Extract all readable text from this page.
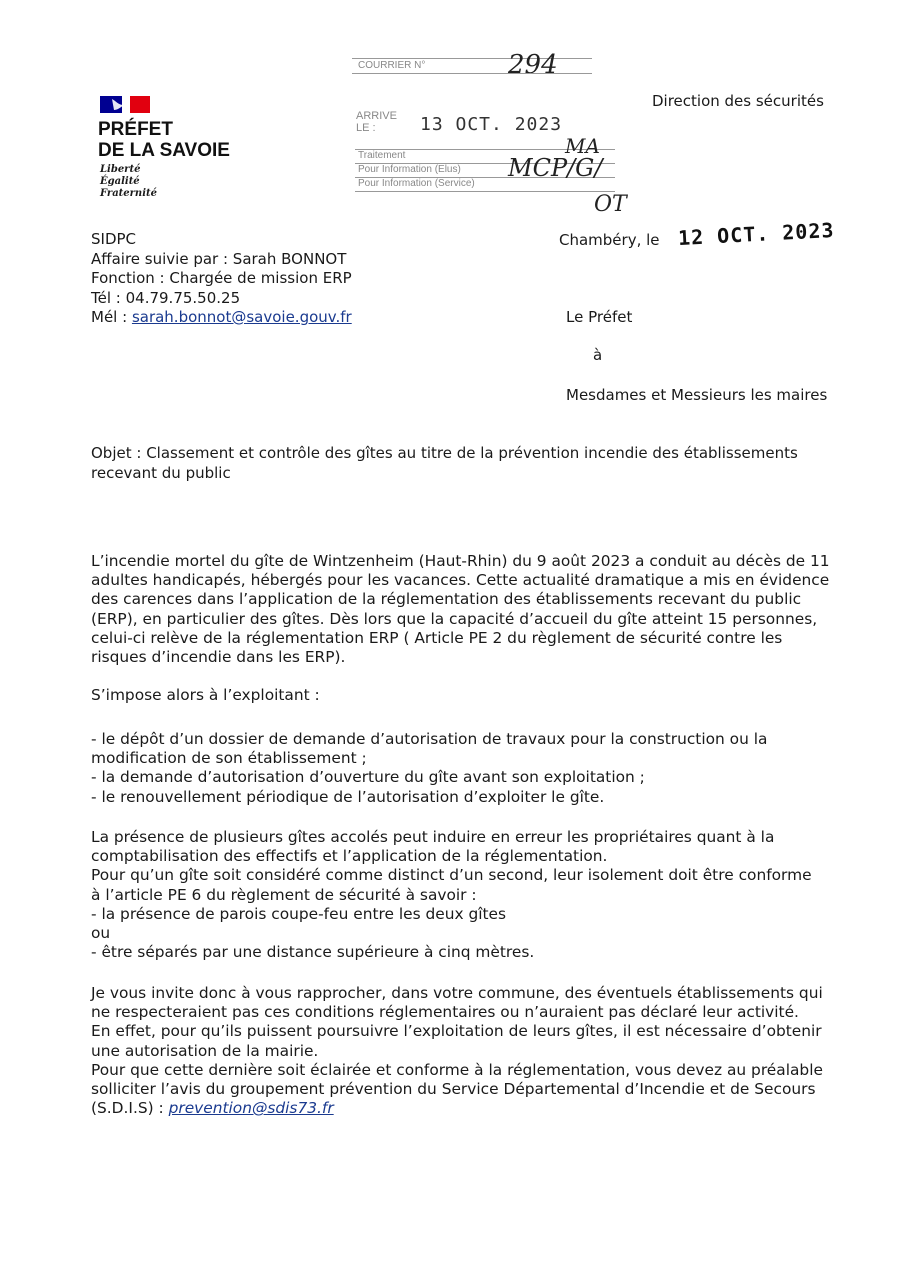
PRÉFET
DE LA SAVOIE
Liberté
Égalité
Fraternité
COURRIER N°	294
ARRIVE
LE :	13 OCT. 2023
Traitement
Pour Information (Elus)
Pour Information (Service)
MA
MCP/G/
OT
Direction des sécurités
Chambéry, le 12 OCT. 2023
SIDPC
Affaire suivie par : Sarah BONNOT
Fonction : Chargée de mission ERP
Tél : 04.79.75.50.25
Mél : sarah.bonnot@savoie.gouv.fr	Le Préfet
à
Mesdames et Messieurs les maires
Objet : Classement et contrôle des gîtes au titre de la prévention incendie des établissements
recevant du public
L’incendie mortel du gîte de Wintzenheim (Haut-Rhin) du 9 août 2023 a conduit au décès de 11
adultes handicapés, hébergés pour les vacances. Cette actualité dramatique a mis en évidence
des carences dans l’application de la réglementation des établissements recevant du public
(ERP), en particulier des gîtes. Dès lors que la capacité d’accueil du gîte atteint 15 personnes,
celui-ci relève de la réglementation ERP ( Article PE 2 du règlement de sécurité contre les
risques d’incendie dans les ERP).
S’impose alors à l’exploitant :
- le dépôt d’un dossier de demande d’autorisation de travaux pour la construction ou la
modification de son établissement ;
- la demande d’autorisation d’ouverture du gîte avant son exploitation ;
- le renouvellement périodique de l’autorisation d’exploiter le gîte.
La présence de plusieurs gîtes accolés peut induire en erreur les propriétaires quant à la
comptabilisation des effectifs et l’application de la réglementation.
Pour qu’un gîte soit considéré comme distinct d’un second, leur isolement doit être conforme
à l’article PE 6 du règlement de sécurité à savoir :
- la présence de parois coupe-feu entre les deux gîtes
ou
- être séparés par une distance supérieure à cinq mètres.
Je vous invite donc à vous rapprocher, dans votre commune, des éventuels établissements qui
ne respecteraient pas ces conditions réglementaires ou n’auraient pas déclaré leur activité.
En effet, pour qu’ils puissent poursuivre l’exploitation de leurs gîtes, il est nécessaire d’obtenir
une autorisation de la mairie.
Pour que cette dernière soit éclairée et conforme à la réglementation, vous devez au préalable
solliciter l’avis du groupement prévention du Service Départemental d’Incendie et de Secours
(S.D.I.S) : prevention@sdis73.fr
